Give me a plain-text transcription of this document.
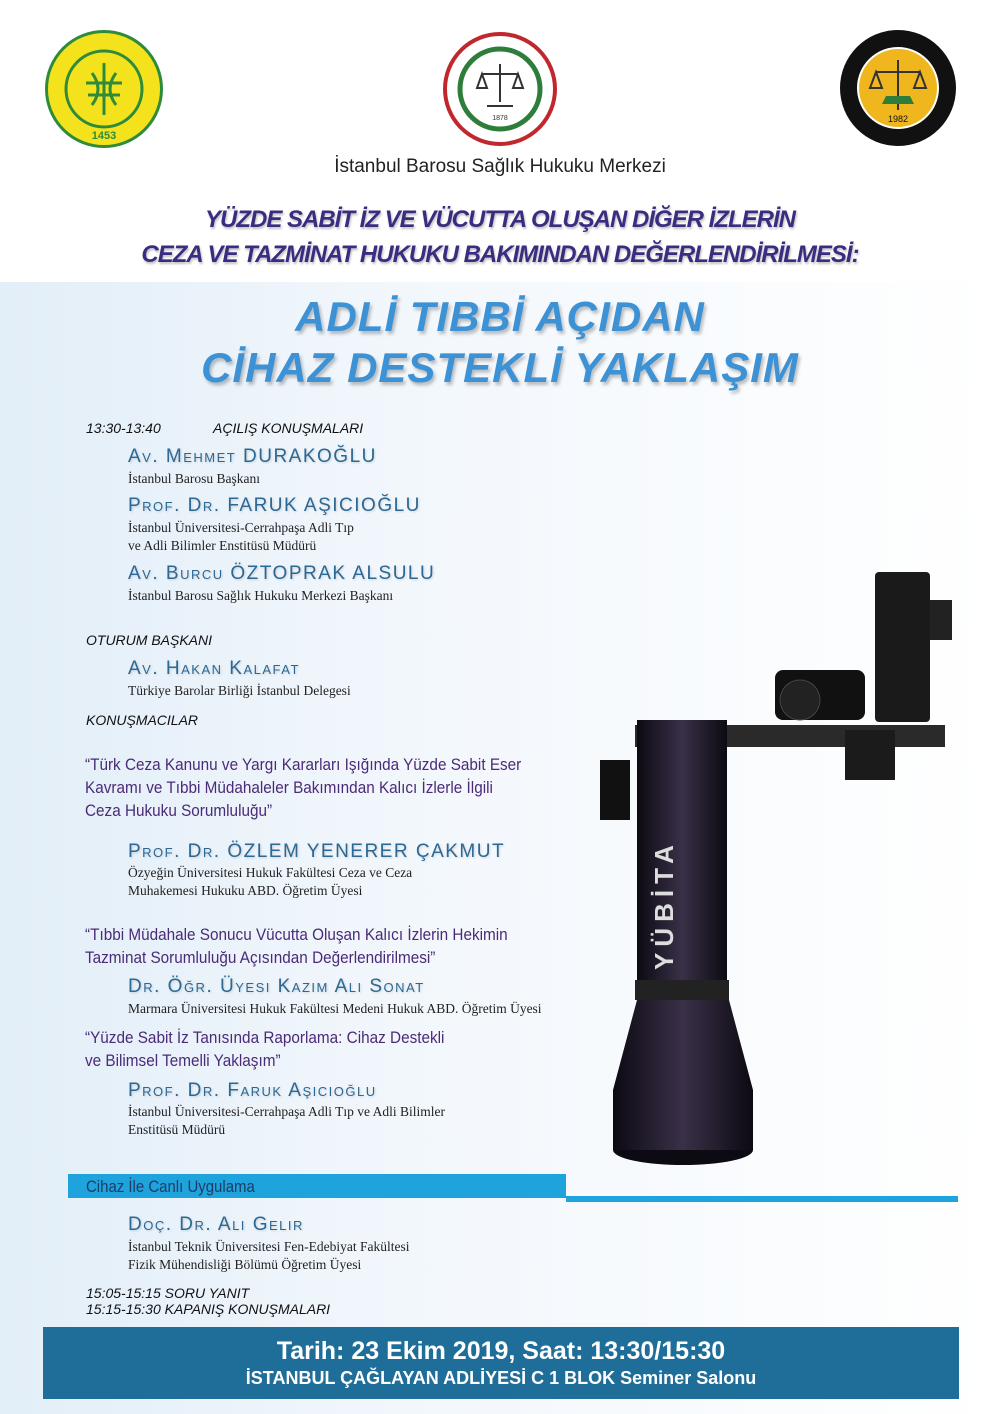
1453
1878	1982
İstanbul Barosu Sağlık Hukuku Merkezi
YÜZDE SABİT İZ VE VÜCUTTA OLUŞAN DİĞER İZLERİN
CEZA VE TAZMİNAT HUKUKU BAKIMINDAN DEĞERLENDİRİLMESİ:
ADLİ TIBBİ AÇIDAN
CİHAZ DESTEKLİ YAKLAŞIM
13:30-13:40	AÇILIŞ KONUŞMALARI
Av. Mehmet DURAKOĞLU
İstanbul Barosu Başkanı
Prof. Dr. FARUK AŞICIOĞLU
İstanbul Üniversitesi-Cerrahpaşa Adli Tıp
ve Adli Bilimler Enstitüsü Müdürü
Av. Burcu ÖZTOPRAK ALSULU
İstanbul Barosu Sağlık Hukuku Merkezi Başkanı
OTURUM BAŞKANI
Av. Hakan Kalafat
Türkiye Barolar Birliği İstanbul Delegesi
KONUŞMACILAR
“Türk Ceza Kanunu ve Yargı Kararları Işığında Yüzde Sabit Eser
Kavramı ve Tıbbi Müdahaleler Bakımından Kalıcı İzlerle İlgili
Ceza Hukuku Sorumluluğu”
Prof. Dr. ÖZLEM YENERER ÇAKMUT
Özyeğin Üniversitesi Hukuk Fakültesi Ceza ve Ceza
Muhakemesi Hukuku ABD. Öğretim Üyesi
“Tıbbi Müdahale Sonucu Vücutta Oluşan Kalıcı İzlerin Hekimin
Tazminat Sorumluluğu Açısından Değerlendirilmesi”
Dr. Öğr. Üyesi Kazım Alı Sonat
Marmara Üniversitesi Hukuk Fakültesi Medeni Hukuk ABD. Öğretim Üyesi
“Yüzde Sabit İz Tanısında Raporlama: Cihaz Destekli
ve Bilimsel Temelli Yaklaşım”
Prof. Dr. Faruk Aşıcıoğlu
İstanbul Üniversitesi-Cerrahpaşa Adli Tıp ve Adli Bilimler
Enstitüsü Müdürü
YÜBİTA
Cihaz İle Canlı Uygulama
Doç. Dr. Alı Gelir
İstanbul Teknik Üniversitesi Fen-Edebiyat Fakültesi
Fizik Mühendisliği Bölümü Öğretim Üyesi
15:05-15:15 SORU YANIT
15:15-15:30 KAPANIŞ KONUŞMALARI
Tarih: 23 Ekim 2019, Saat: 13:30/15:30
İSTANBUL ÇAĞLAYAN ADLİYESİ C 1 BLOK Seminer Salonu
